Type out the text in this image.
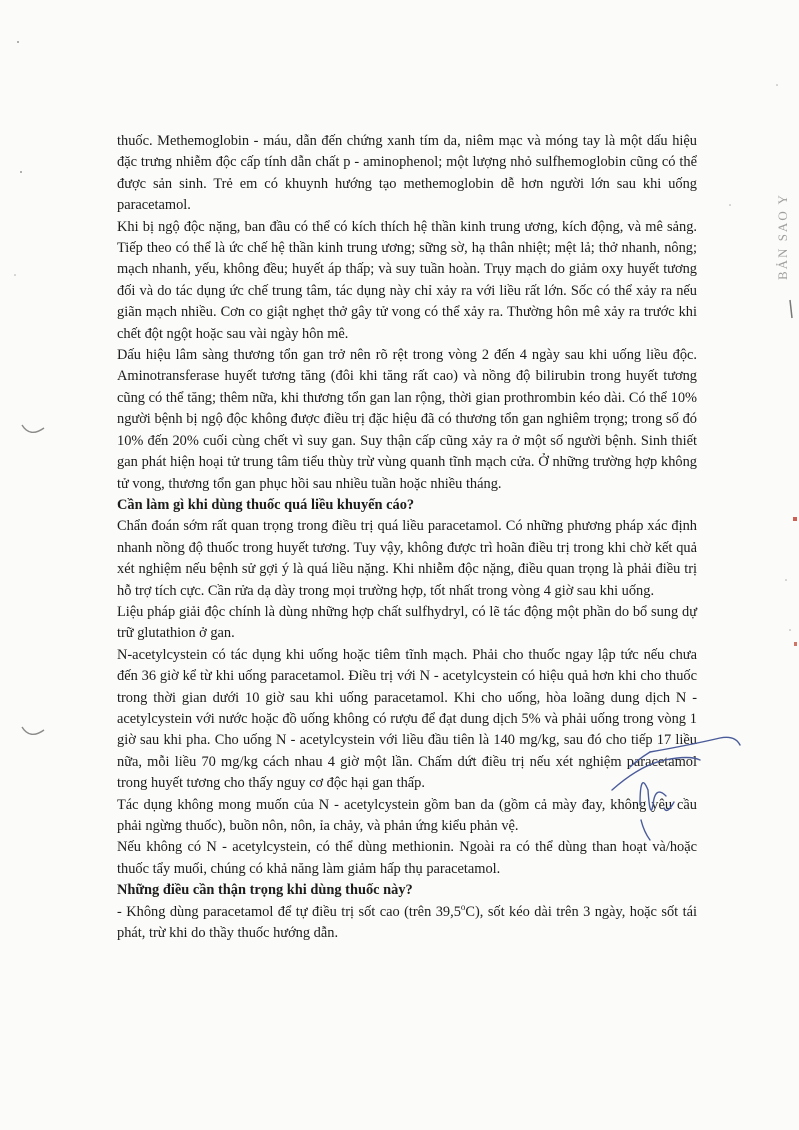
thuốc. Methemoglobin - máu, dẫn đến chứng xanh tím da, niêm mạc và móng tay là một dấu hiệu đặc trưng nhiễm độc cấp tính dẫn chất p - aminophenol; một lượng nhỏ sulfhemoglobin cũng có thể được sản sinh. Trẻ em có khuynh hướng tạo methemoglobin dễ hơn người lớn sau khi uống paracetamol.

Khi bị ngộ độc nặng, ban đầu có thể có kích thích hệ thần kinh trung ương, kích động, và mê sảng. Tiếp theo có thể là ức chế hệ thần kinh trung ương; sững sờ, hạ thân nhiệt; mệt lả; thở nhanh, nông; mạch nhanh, yếu, không đều; huyết áp thấp; và suy tuần hoàn. Trụy mạch do giảm oxy huyết tương đối và do tác dụng ức chế trung tâm, tác dụng này chỉ xảy ra với liều rất lớn. Sốc có thể xảy ra nếu giãn mạch nhiều. Cơn co giật nghẹt thở gây tử vong có thể xảy ra. Thường hôn mê xảy ra trước khi chết đột ngột hoặc sau vài ngày hôn mê.

Dấu hiệu lâm sàng thương tổn gan trở nên rõ rệt trong vòng 2 đến 4 ngày sau khi uống liều độc. Aminotransferase huyết tương tăng (đôi khi tăng rất cao) và nồng độ bilirubin trong huyết tương cũng có thể tăng; thêm nữa, khi thương tổn gan lan rộng, thời gian prothrombin kéo dài. Có thể 10% người bệnh bị ngộ độc không được điều trị đặc hiệu đã có thương tổn gan nghiêm trọng; trong số đó 10% đến 20% cuối cùng chết vì suy gan. Suy thận cấp cũng xảy ra ở một số người bệnh. Sinh thiết gan phát hiện hoại tử trung tâm tiểu thùy trừ vùng quanh tĩnh mạch cửa. Ở những trường hợp không tử vong, thương tổn gan phục hồi sau nhiều tuần hoặc nhiều tháng.

Cần làm gì khi dùng thuốc quá liều khuyến cáo?

Chẩn đoán sớm rất quan trọng trong điều trị quá liều paracetamol. Có những phương pháp xác định nhanh nồng độ thuốc trong huyết tương. Tuy vậy, không được trì hoãn điều trị trong khi chờ kết quả xét nghiệm nếu bệnh sử gợi ý là quá liều nặng. Khi nhiễm độc nặng, điều quan trọng là phải điều trị hỗ trợ tích cực. Cần rửa dạ dày trong mọi trường hợp, tốt nhất trong vòng 4 giờ sau khi uống.

Liệu pháp giải độc chính là dùng những hợp chất sulfhydryl, có lẽ tác động một phần do bổ sung dự trữ glutathion ở gan.

N-acetylcystein có tác dụng khi uống hoặc tiêm tĩnh mạch. Phải cho thuốc ngay lập tức nếu chưa đến 36 giờ kể từ khi uống paracetamol. Điều trị với N - acetylcystein có hiệu quả hơn khi cho thuốc trong thời gian dưới 10 giờ sau khi uống paracetamol. Khi cho uống, hòa loãng dung dịch N - acetylcystein với nước hoặc đồ uống không có rượu để đạt dung dịch 5% và phải uống trong vòng 1 giờ sau khi pha. Cho uống N - acetylcystein với liều đầu tiên là 140 mg/kg, sau đó cho tiếp 17 liều nữa, mỗi liều 70 mg/kg cách nhau 4 giờ một lần. Chấm dứt điều trị nếu xét nghiệm paracetamol trong huyết tương cho thấy nguy cơ độc hại gan thấp.

Tác dụng không mong muốn của N - acetylcystein gồm ban da (gồm cả mày đay, không yêu cầu phải ngừng thuốc), buồn nôn, nôn, ỉa chảy, và phản ứng kiểu phản vệ.

Nếu không có N - acetylcystein, có thể dùng methionin. Ngoài ra có thể dùng than hoạt và/hoặc thuốc tẩy muối, chúng có khả năng làm giảm hấp thụ paracetamol.

Những điều cần thận trọng khi dùng thuốc này?

- Không dùng paracetamol để tự điều trị sốt cao (trên 39,5$^o$C), sốt kéo dài trên 3 ngày, hoặc sốt tái phát, trừ khi do thầy thuốc hướng dẫn.

BẢN SAO Y
